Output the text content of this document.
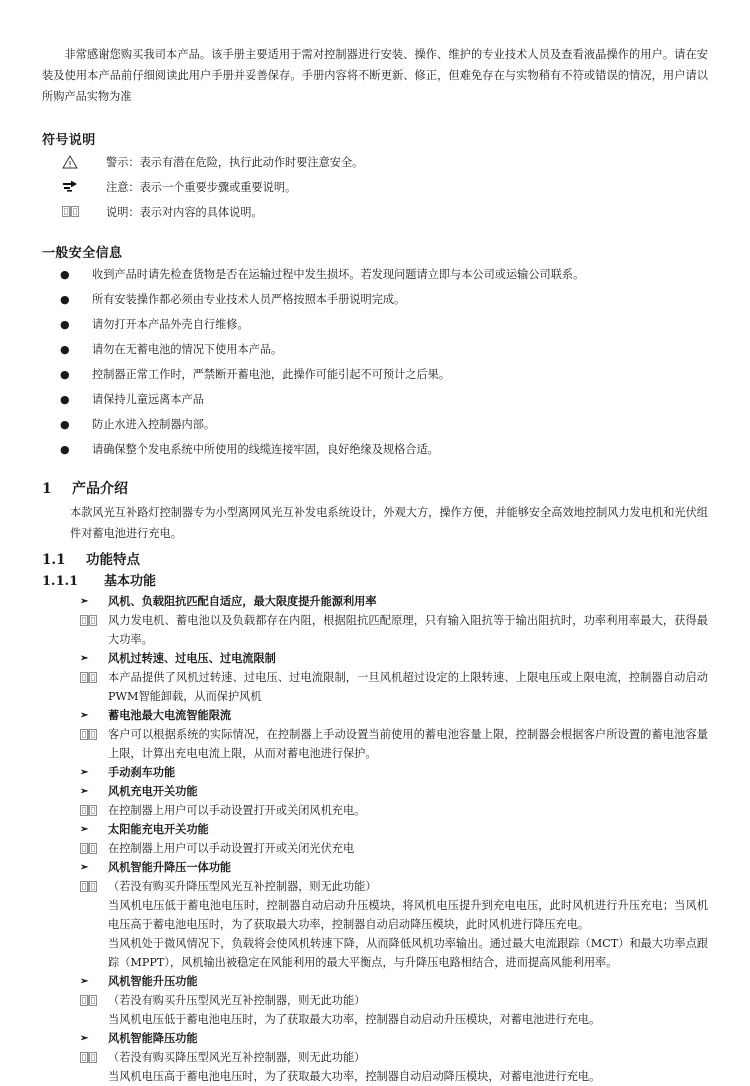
非常感谢您购买我司本产品。该手册主要适用于需对控制器进行安装、操作、维护的专业技术人员及查看液晶操作的用户。请在安装及使用本产品前仔细阅读此用户手册并妥善保存。手册内容将不断更新、修正，但难免存在与实物稍有不符或错误的情况，用户请以所购产品实物为准

符号说明
警示：表示有潜在危险，执行此动作时要注意安全。
注意：表示一个重要步骤或重要说明。
说明：表示对内容的具体说明。
一般安全信息
●	收到产品时请先检查货物是否在运输过程中发生损坏。若发现问题请立即与本公司或运输公司联系。
●	所有安装操作都必须由专业技术人员严格按照本手册说明完成。
●	请勿打开本产品外壳自行维修。
●	请勿在无蓄电池的情况下使用本产品。
●	控制器正常工作时，严禁断开蓄电池，此操作可能引起不可预计之后果。
●	请保持儿童远离本产品
●	防止水进入控制器内部。
●	请确保整个发电系统中所使用的线缆连接牢固，良好绝缘及规格合适。
1	产品介绍
本款风光互补路灯控制器专为小型离网风光互补发电系统设计，外观大方，操作方便，并能够安全高效地控制风力发电机和光伏组件对蓄电池进行充电。
1.1	功能特点
1.1.1	基本功能
➢	风机、负载阻抗匹配自适应，最大限度提升能源利用率

风力发电机、蓄电池以及负载都存在内阻，根据阻抗匹配原理，只有输入阻抗等于输出阻抗时，功率利用率最大，获得最大功率。

➢	风机过转速、过电压、过电流限制

本产品提供了风机过转速、过电压、过电流限制，一旦风机超过设定的上限转速、上限电压或上限电流，控制器自动启动PWM智能卸载，从而保护风机

➢	蓄电池最大电流智能限流

客户可以根据系统的实际情况，在控制器上手动设置当前使用的蓄电池容量上限，控制器会根据客户所设置的蓄电池容量上限，计算出充电电流上限，从而对蓄电池进行保护。

➢	手动刹车功能
➢	风机充电开关功能

在控制器上用户可以手动设置打开或关闭风机充电。

➢	太阳能充电开关功能

在控制器上用户可以手动设置打开或关闭光伏充电

➢	风机智能升降压一体功能

（若没有购买升降压型风光互补控制器，则无此功能）

当风机电压低于蓄电池电压时，控制器自动启动升压模块，将风机电压提升到充电电压，此时风机进行升压充电；当风机电压高于蓄电池电压时，为了获取最大功率，控制器自动启动降压模块，此时风机进行降压充电。

当风机处于微风情况下，负载将会使风机转速下降，从而降低风机功率输出。通过最大电流跟踪（MCT）和最大功率点跟踪（MPPT），风机输出被稳定在风能利用的最大平衡点，与升降压电路相结合，进而提高风能利用率。

➢	风机智能升压功能

（若没有购买升压型风光互补控制器，则无此功能）

当风机电压低于蓄电池电压时，为了获取最大功率，控制器自动启动升压模块，对蓄电池进行充电。

➢	风机智能降压功能

（若没有购买降压型风光互补控制器，则无此功能）

当风机电压高于蓄电池电压时，为了获取最大功率，控制器自动启动降压模块，对蓄电池进行充电。
